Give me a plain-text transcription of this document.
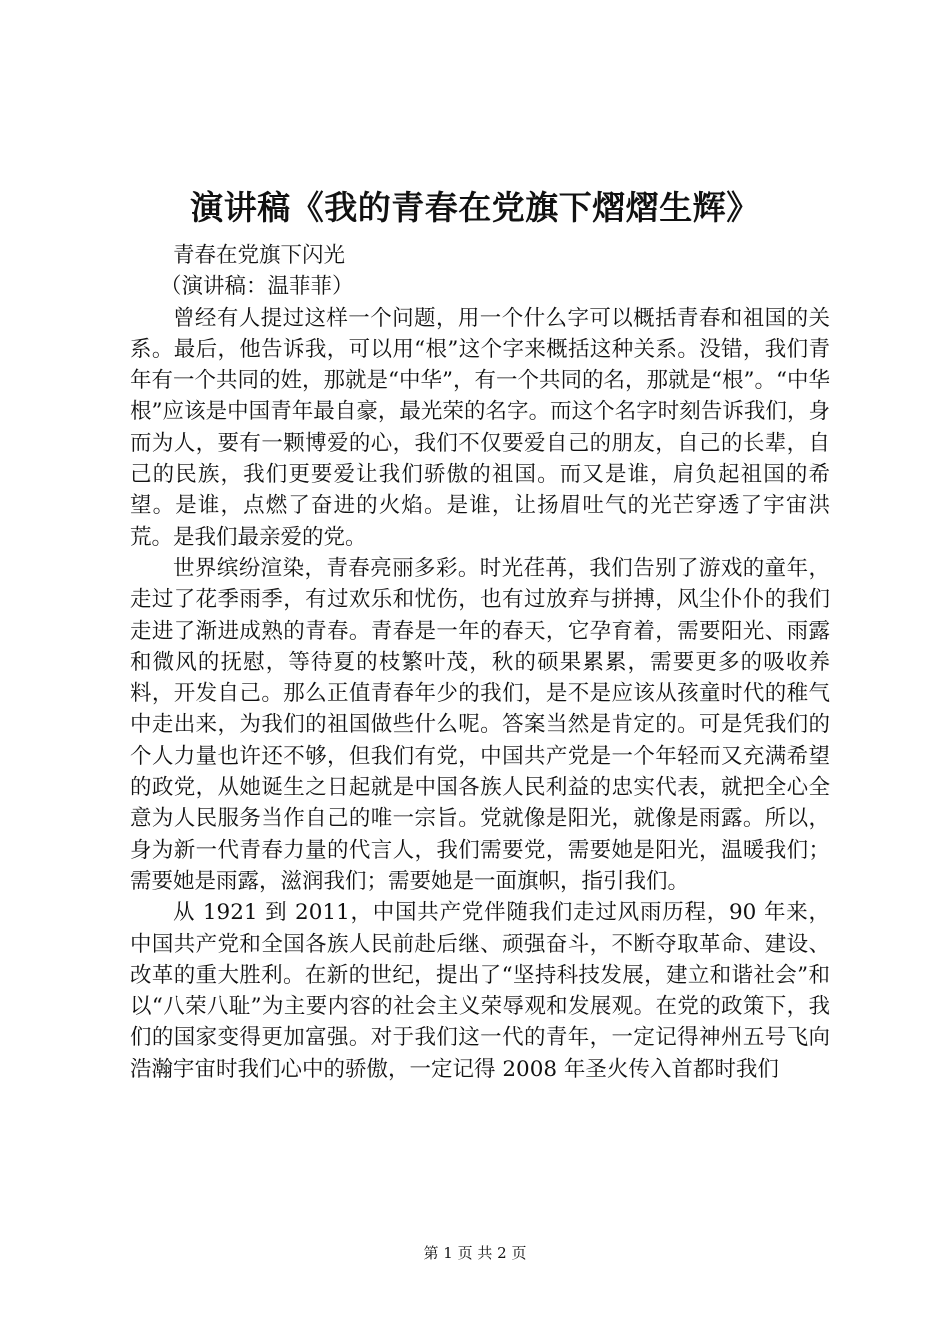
演讲稿《我的青春在党旗下熠熠生辉》

青春在党旗下闪光

（演讲稿：温菲菲）

曾经有人提过这样一个问题，用一个什么字可以概括青春和祖国的关系。最后，他告诉我，可以用“根”这个字来概括这种关系。没错，我们青年有一个共同的姓，那就是“中华”，有一个共同的名，那就是“根”。“中华根”应该是中国青年最自豪，最光荣的名字。而这个名字时刻告诉我们，身而为人，要有一颗博爱的心，我们不仅要爱自己的朋友，自己的长辈，自己的民族，我们更要爱让我们骄傲的祖国。而又是谁，肩负起祖国的希望。是谁，点燃了奋进的火焰。是谁，让扬眉吐气的光芒穿透了宇宙洪荒。是我们最亲爱的党。

世界缤纷渲染，青春亮丽多彩。时光荏苒，我们告别了游戏的童年，走过了花季雨季，有过欢乐和忧伤，也有过放弃与拼搏，风尘仆仆的我们走进了渐进成熟的青春。青春是一年的春天，它孕育着，需要阳光、雨露和微风的抚慰，等待夏的枝繁叶茂，秋的硕果累累，需要更多的吸收养料，开发自己。那么正值青春年少的我们，是不是应该从孩童时代的稚气中走出来，为我们的祖国做些什么呢。答案当然是肯定的。可是凭我们的个人力量也许还不够，但我们有党，中国共产党是一个年轻而又充满希望的政党，从她诞生之日起就是中国各族人民利益的忠实代表，就把全心全意为人民服务当作自己的唯一宗旨。党就像是阳光，就像是雨露。所以，身为新一代青春力量的代言人，我们需要党，需要她是阳光，温暖我们；需要她是雨露，滋润我们；需要她是一面旗帜，指引我们。

从 1921 到 2011，中国共产党伴随我们走过风雨历程，90 年来，中国共产党和全国各族人民前赴后继、顽强奋斗，不断夺取革命、建设、改革的重大胜利。在新的世纪，提出了“坚持科技发展，建立和谐社会”和以“八荣八耻”为主要内容的社会主义荣辱观和发展观。在党的政策下，我们的国家变得更加富强。对于我们这一代的青年，一定记得神州五号飞向浩瀚宇宙时我们心中的骄傲，一定记得 2008 年圣火传入首都时我们

第 1 页 共 2 页
